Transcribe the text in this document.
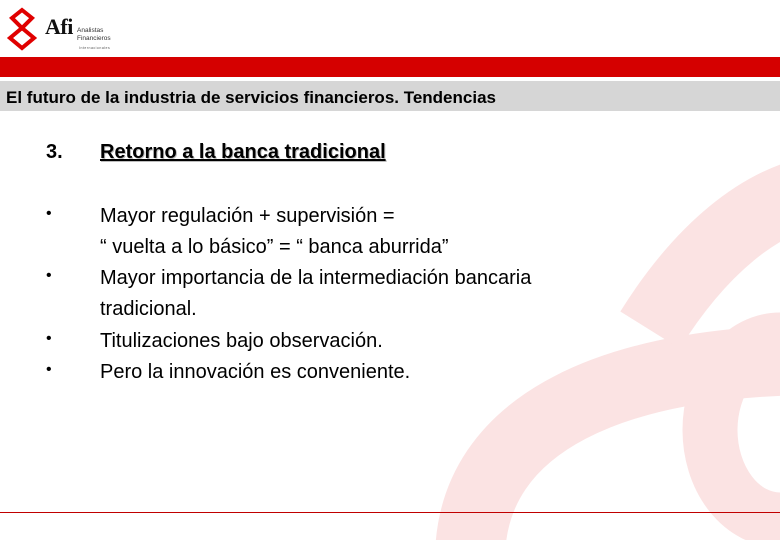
Afi Analistas
Financieros
Internacionales
El futuro de la industria de servicios financieros. Tendencias
3. Retorno a la banca tradicional
•
•
•
•
Mayor regulación + supervisión =
“ vuelta a lo básico” = “ banca aburrida”
Mayor importancia de la intermediación bancaria
tradicional.
Titulizaciones bajo observación.
Pero la innovación es conveniente.
